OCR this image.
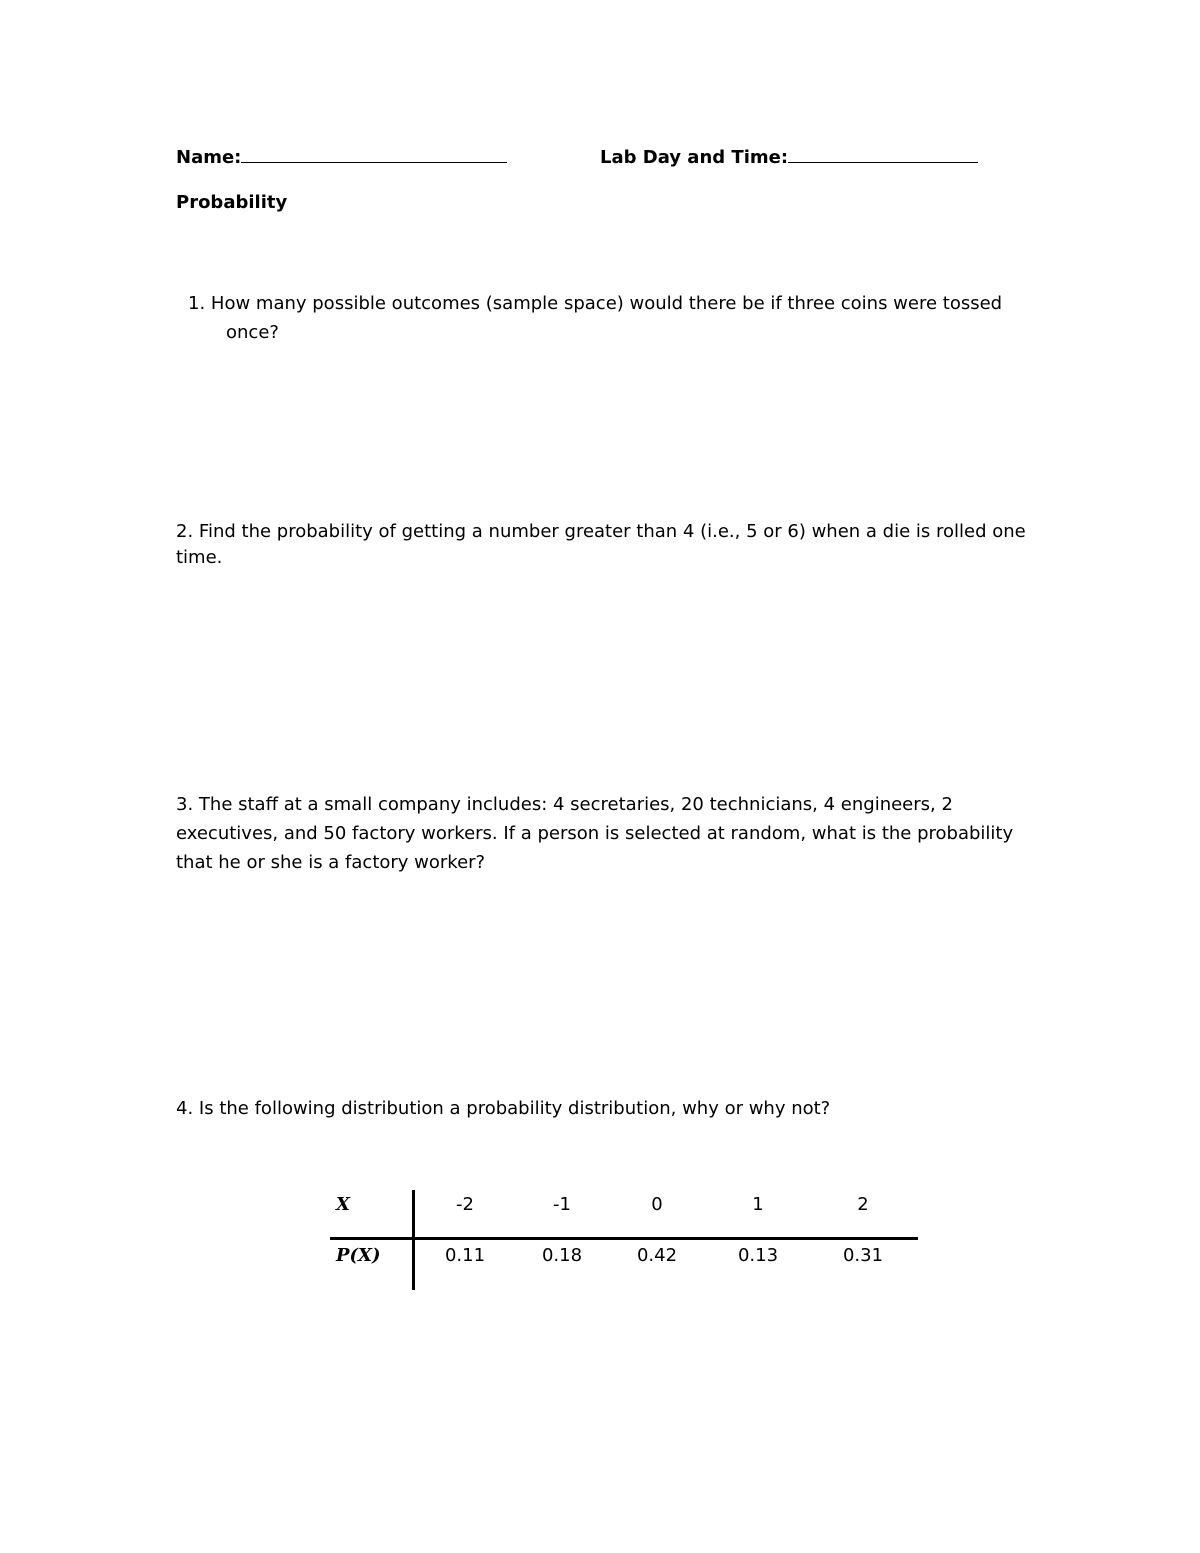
Name:	Lab Day and Time:
Probability
1. How many possible outcomes (sample space) would there be if three coins were tossed once?
2. Find the probability of getting a number greater than 4 (i.e., 5 or 6) when a die is rolled one time.
3. The staff at a small company includes: 4 secretaries, 20 technicians, 4 engineers, 2 executives, and 50 factory workers. If a person is selected at random, what is the probability that he or she is a factory worker?
4. Is the following distribution a probability distribution, why or why not?
X	-2	-1	0	1	2
P(X)	0.11	0.18	0.42	0.13	0.31
